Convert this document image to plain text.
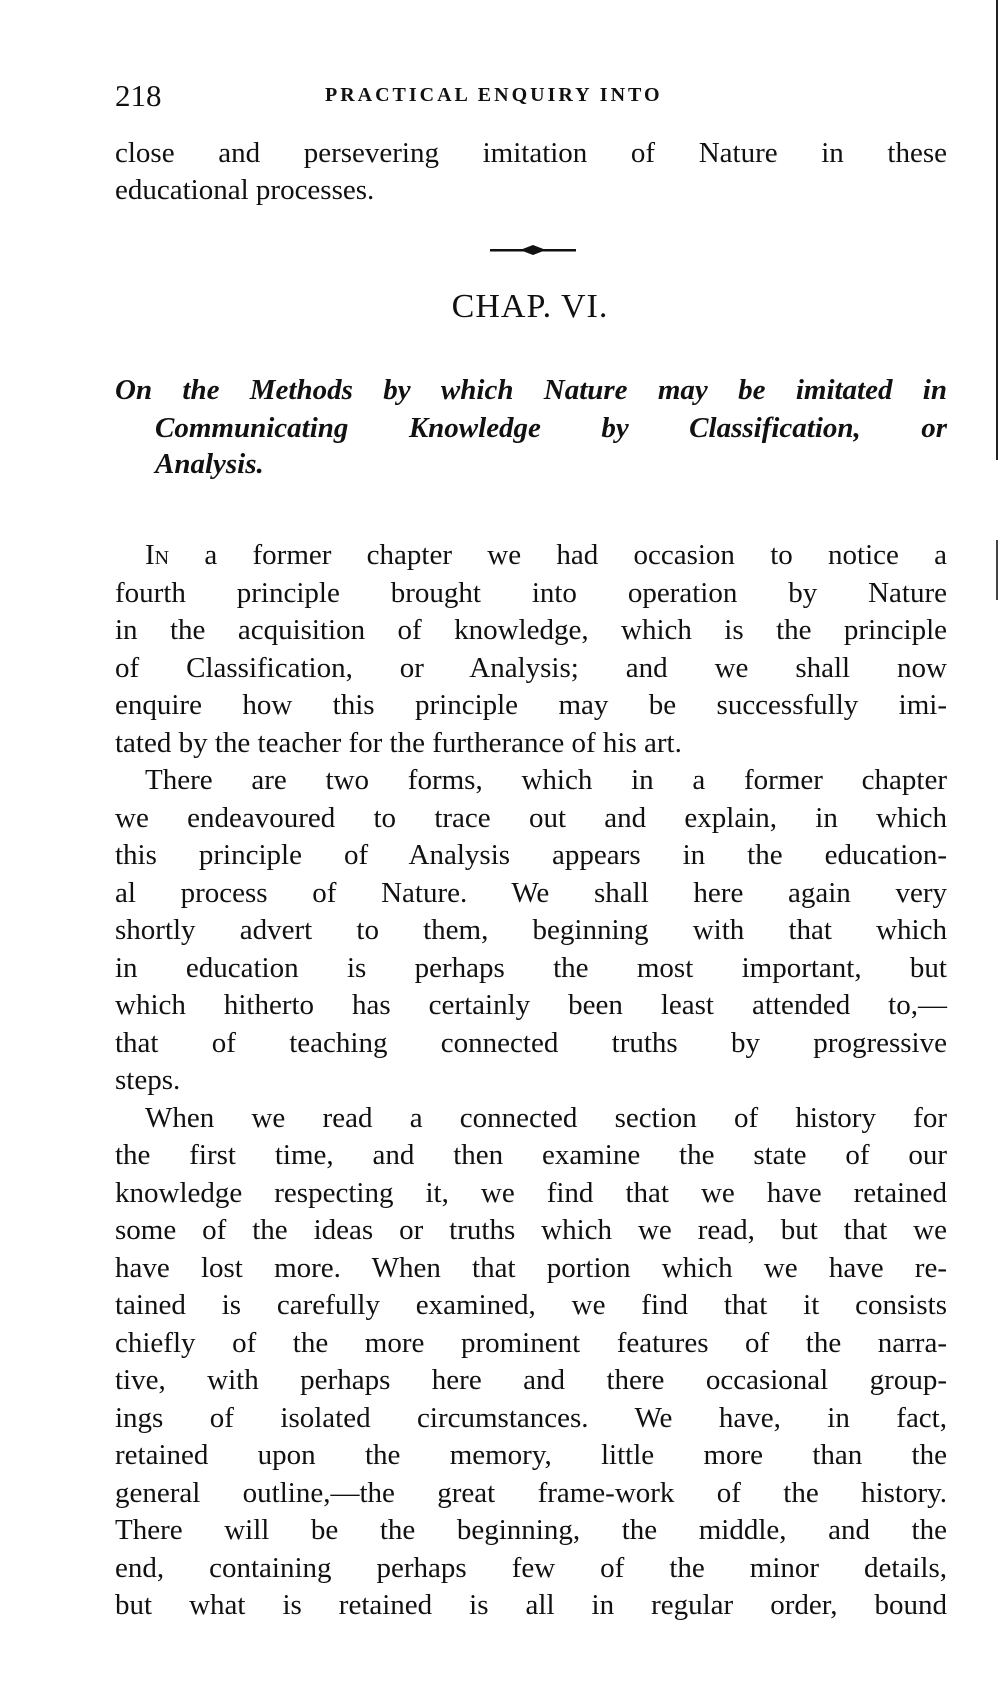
218	PRACTICAL ENQUIRY INTO
close and persevering imitation of Nature in these
educational processes.
CHAP. VI.
On the Methods by which Nature may be imitated in
Communicating Knowledge by Classification, or
Analysis.
In a former chapter we had occasion to notice a
fourth principle brought into operation by Nature
in the acquisition of knowledge, which is the principle
of Classification, or Analysis; and we shall now
enquire how this principle may be successfully imi-
tated by the teacher for the furtherance of his art.
There are two forms, which in a former chapter
we endeavoured to trace out and explain, in which
this principle of Analysis appears in the education-
al process of Nature. We shall here again very
shortly advert to them, beginning with that which
in education is perhaps the most important, but
which hitherto has certainly been least attended to,—
that of teaching connected truths by progressive
steps.
When we read a connected section of history for
the first time, and then examine the state of our
knowledge respecting it, we find that we have retained
some of the ideas or truths which we read, but that we
have lost more. When that portion which we have re-
tained is carefully examined, we find that it consists
chiefly of the more prominent features of the narra-
tive, with perhaps here and there occasional group-
ings of isolated circumstances. We have, in fact,
retained upon the memory, little more than the
general outline,—the great frame-work of the history.
There will be the beginning, the middle, and the
end, containing perhaps few of the minor details,
but what is retained is all in regular order, bound
